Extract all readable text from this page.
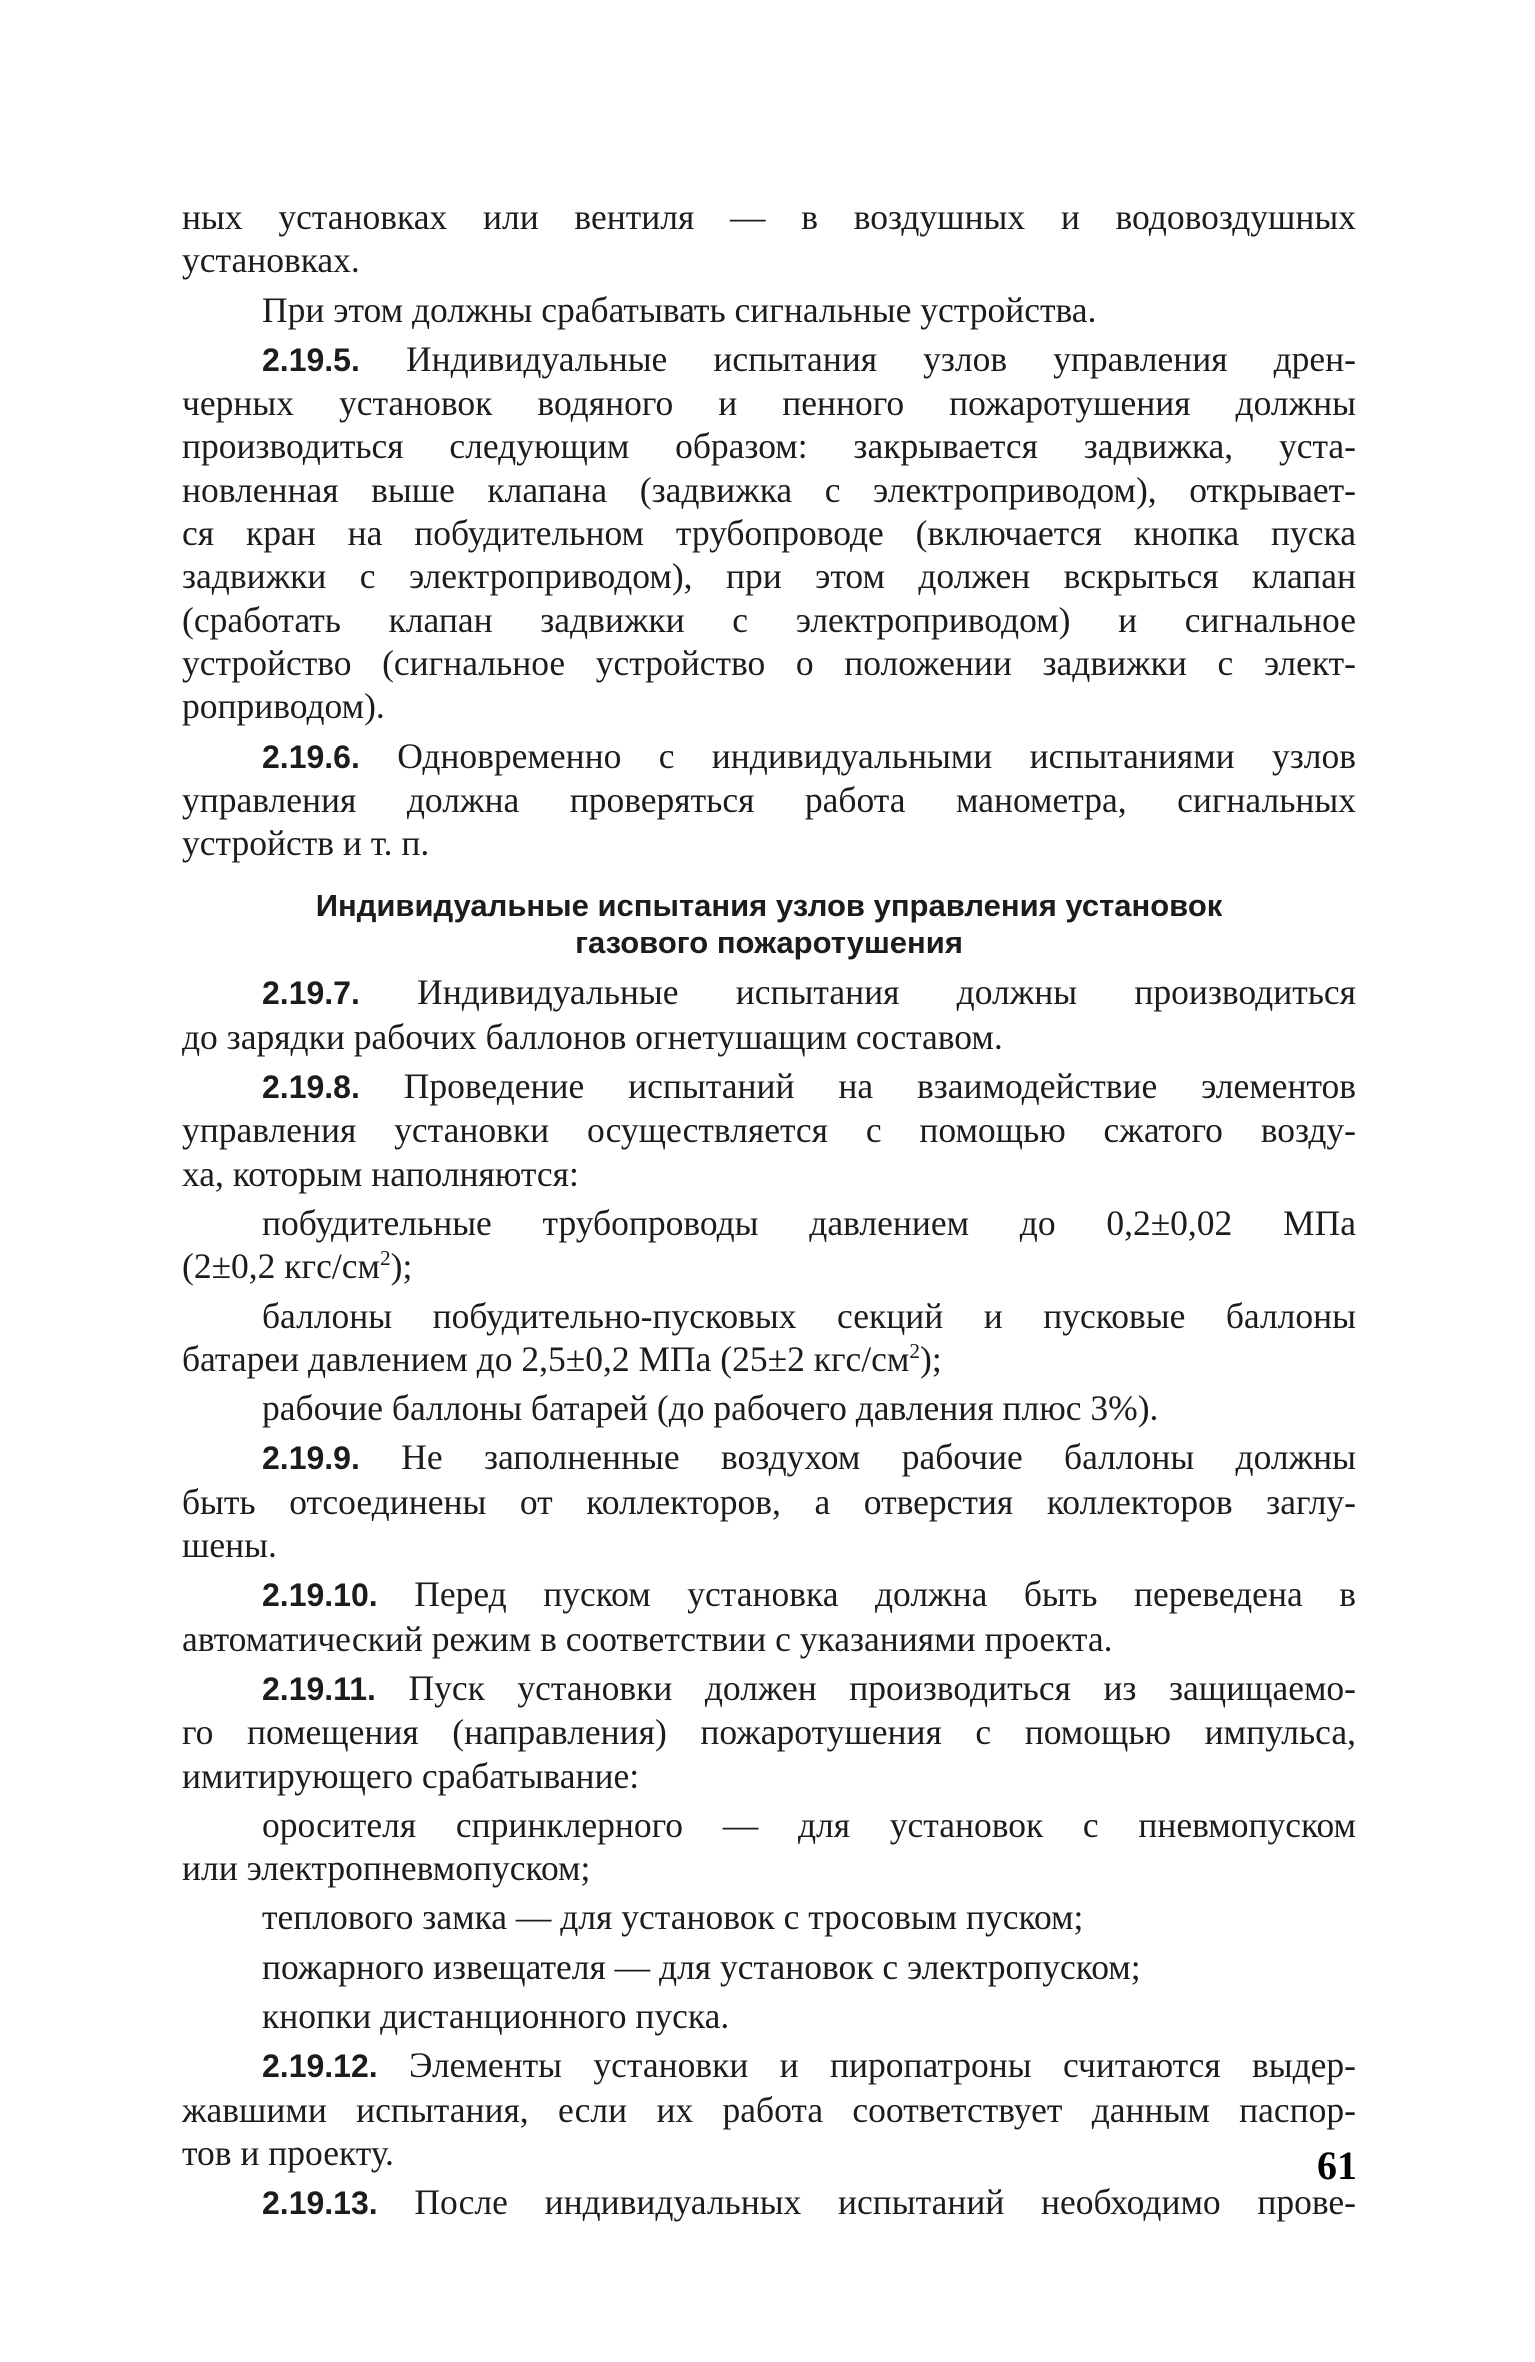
ных установках или вентиля — в воздушных и водовоздушных

установках.

При этом должны срабатывать сигнальные устройства.

2.19.5. Индивидуальные испытания узлов управления дрен-

черных установок водяного и пенного пожаротушения должны

производиться следующим образом: закрывается задвижка, уста-

новленная выше клапана (задвижка с электроприводом), открывает-

ся кран на побудительном трубопроводе (включается кнопка пуска

задвижки с электроприводом), при этом должен вскрыться клапан

(сработать клапан задвижки с электроприводом) и сигнальное

устройство (сигнальное устройство о положении задвижки с элект-

роприводом).

2.19.6. Одновременно с индивидуальными испытаниями узлов

управления должна проверяться работа манометра, сигнальных

устройств и т. п.

Индивидуальные испытания узлов управления установок
газового пожаротушения

2.19.7. Индивидуальные испытания должны производиться

до зарядки рабочих баллонов огнетушащим составом.

2.19.8. Проведение испытаний на взаимодействие элементов

управления установки осуществляется с помощью сжатого возду-

ха, которым наполняются:

побудительные трубопроводы давлением до 0,2±0,02 МПа

(2±0,2 кгс/$см^2$);

баллоны побудительно-пусковых секций и пусковые баллоны

батареи давлением до 2,5±0,2 МПа (25±2 кгс/$см^2$);

рабочие баллоны батарей (до рабочего давления плюс 3%).

2.19.9. Не заполненные воздухом рабочие баллоны должны

быть отсоединены от коллекторов, а отверстия коллекторов заглу-

шены.

2.19.10. Перед пуском установка должна быть переведена в

автоматический режим в соответствии с указаниями проекта.

2.19.11. Пуск установки должен производиться из защищаемо-

го помещения (направления) пожаротушения с помощью импульса,

имитирующего срабатывание:

оросителя спринклерного — для установок с пневмопуском

или электропневмопуском;

теплового замка — для установок с тросовым пуском;

пожарного извещателя — для установок с электропуском;

кнопки дистанционного пуска.

2.19.12. Элементы установки и пиропатроны считаются выдер-

жавшими испытания, если их работа соответствует данным паспор-

тов и проекту.

2.19.13. После индивидуальных испытаний необходимо прове-

61
